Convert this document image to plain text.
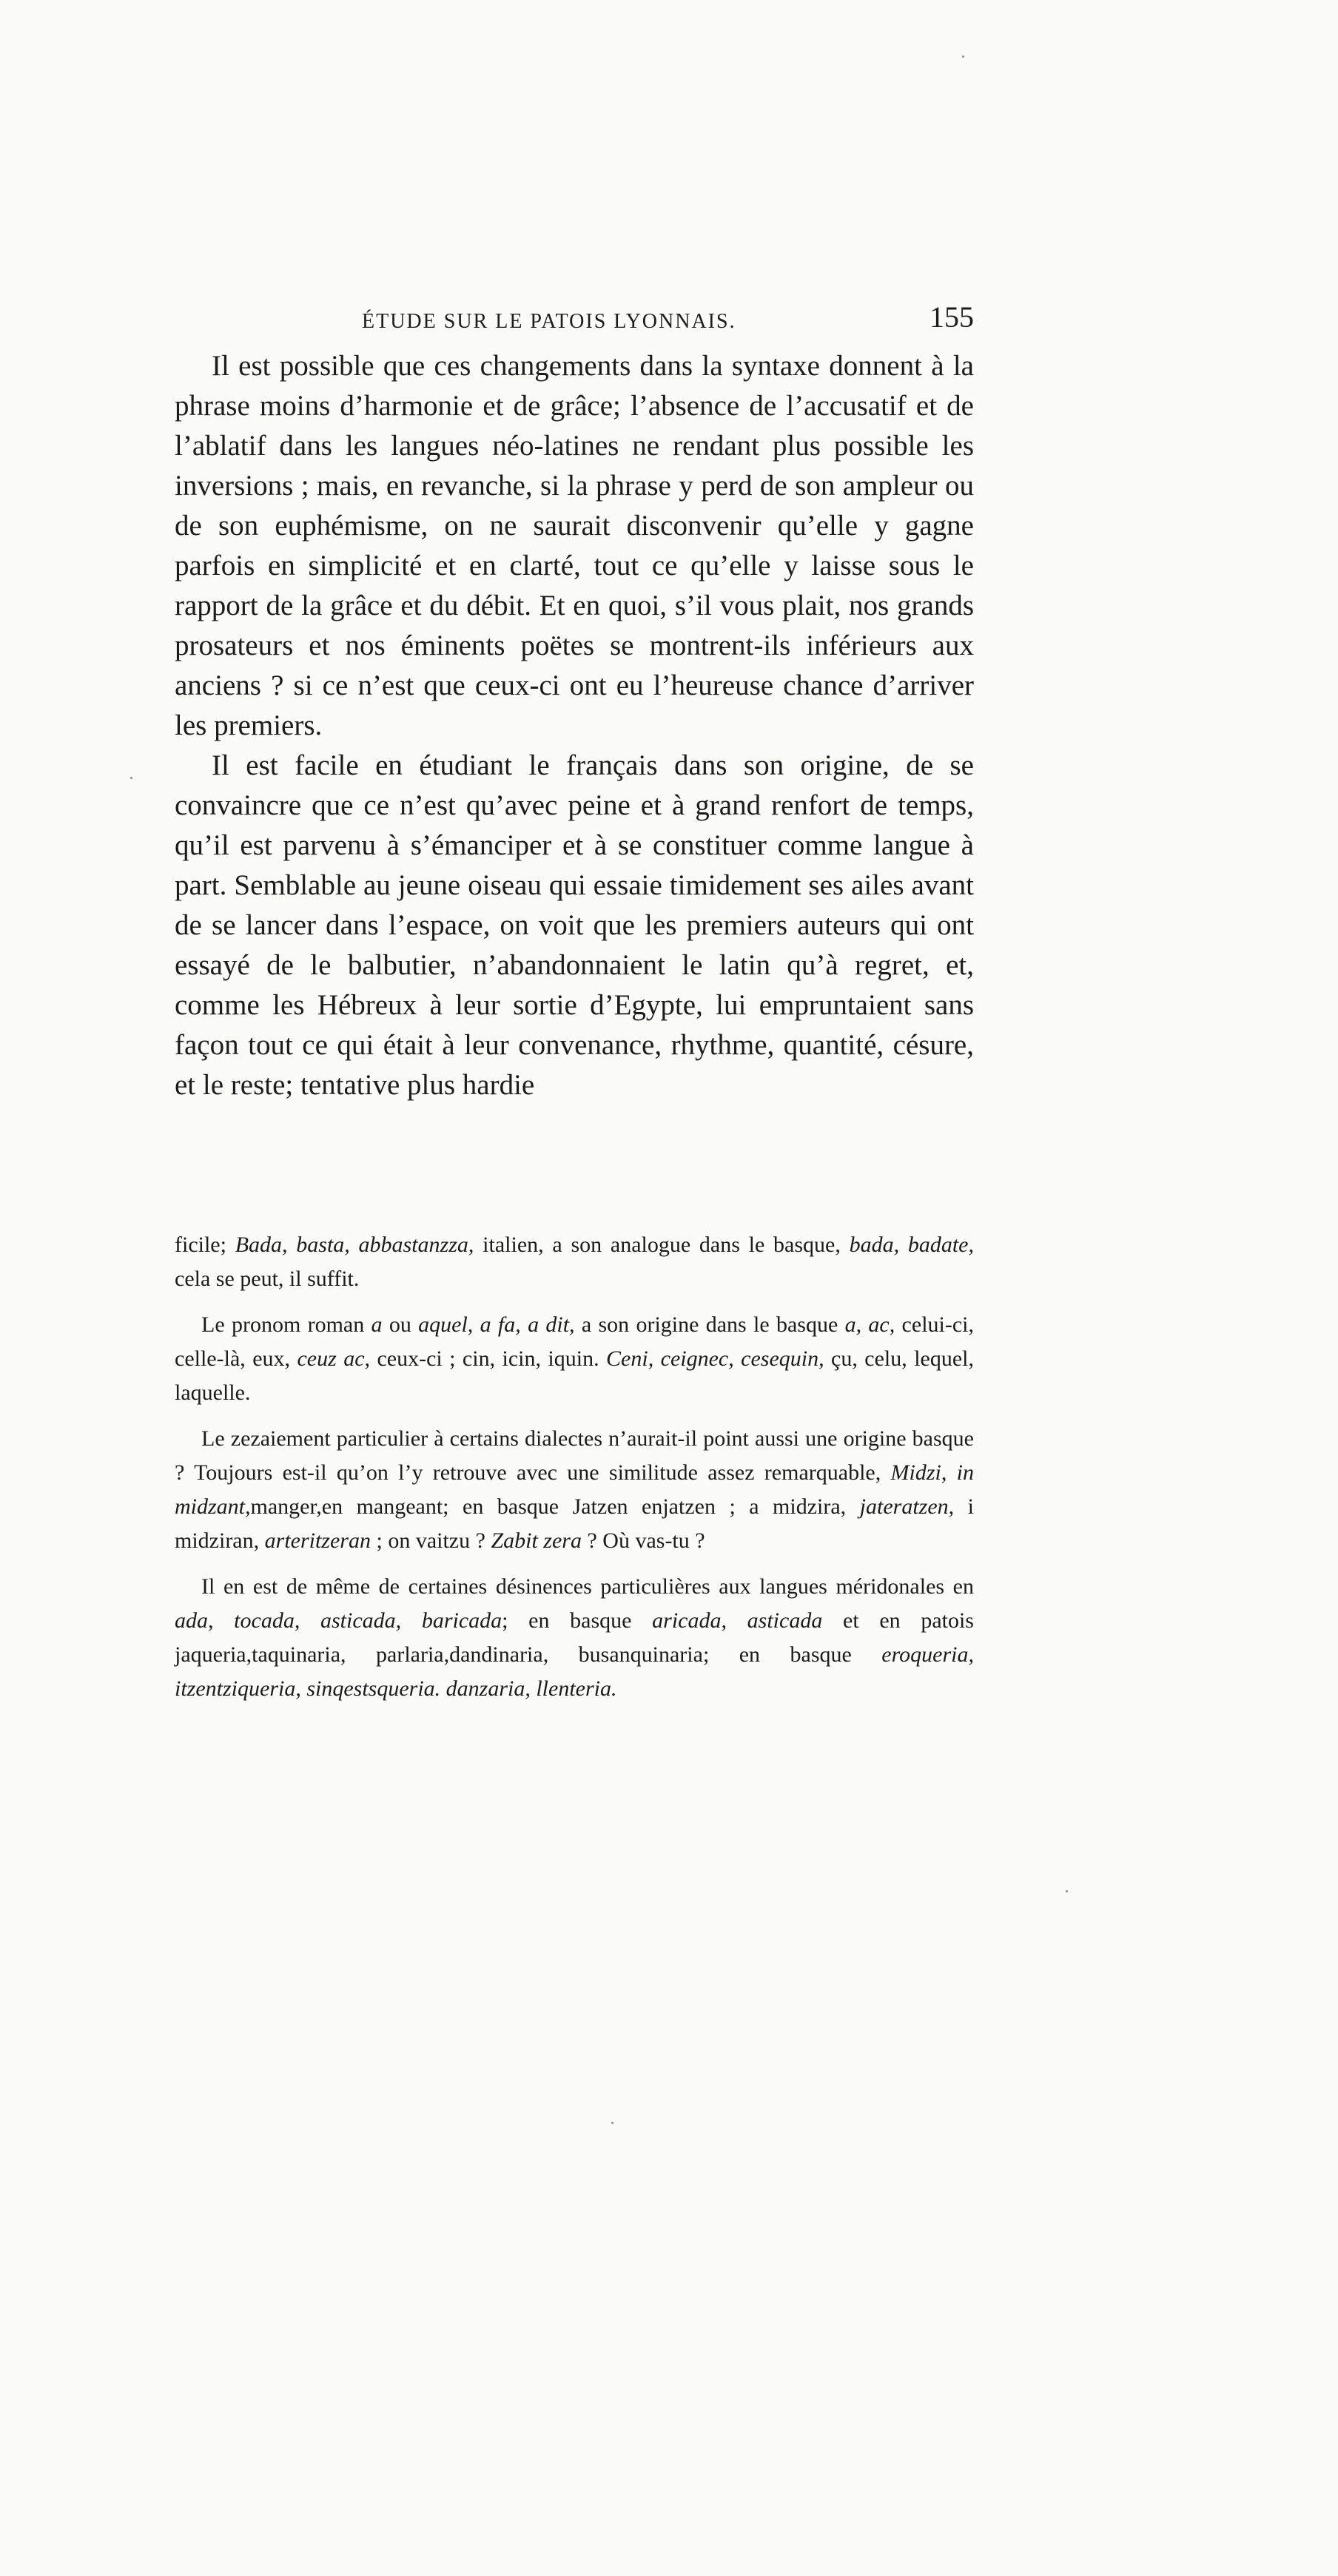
ÉTUDE SUR LE PATOIS LYONNAIS.	155

Il est possible que ces changements dans la syntaxe donnent à la phrase moins d’harmonie et de grâce; l’absence de l’accusatif et de l’ablatif dans les langues néo-latines ne rendant plus possible les inversions ; mais, en revanche, si la phrase y perd de son ampleur ou de son euphémisme, on ne saurait disconvenir qu’elle y gagne parfois en simplicité et en clarté, tout ce qu’elle y laisse sous le rapport de la grâce et du débit. Et en quoi, s’il vous plait, nos grands prosateurs et nos éminents poëtes se montrent-ils inférieurs aux anciens ? si ce n’est que ceux-ci ont eu l’heureuse chance d’arriver les premiers.

Il est facile en étudiant le français dans son origine, de se convaincre que ce n’est qu’avec peine et à grand renfort de temps, qu’il est parvenu à s’émanciper et à se constituer comme langue à part. Semblable au jeune oiseau qui essaie timidement ses ailes avant de se lancer dans l’espace, on voit que les premiers auteurs qui ont essayé de le balbutier, n’abandonnaient le latin qu’à regret, et, comme les Hébreux à leur sortie d’Egypte, lui empruntaient sans façon tout ce qui était à leur convenance, rhythme, quantité, césure, et le reste; tentative plus hardie

ficile; Bada, basta, abbastanzza, italien, a son analogue dans le basque, bada, badate, cela se peut, il suffit.

Le pronom roman a ou aquel, a fa, a dit, a son origine dans le basque a, ac, celui-ci, celle-là, eux, ceuz ac, ceux-ci ; cin, icin, iquin. Ceni, ceignec, cesequin, çu, celu, lequel, laquelle.

Le zezaiement particulier à certains dialectes n’aurait-il point aussi une origine basque ? Toujours est-il qu’on l’y retrouve avec une similitude assez remarquable, Midzi, in midzant,manger,en mangeant; en basque Jatzen enjatzen ; a midzira, jateratzen, i midziran, arteritzeran ; on vaitzu ? Zabit zera ? Où vas-tu ?

Il en est de même de certaines désinences particulières aux langues méridonales en ada, tocada, asticada, baricada; en basque aricada, asticada et en patois jaqueria,taquinaria, parlaria,dandinaria, busanquinaria; en basque eroqueria, itzentziqueria, sinqestsqueria. danzaria, llenteria.
